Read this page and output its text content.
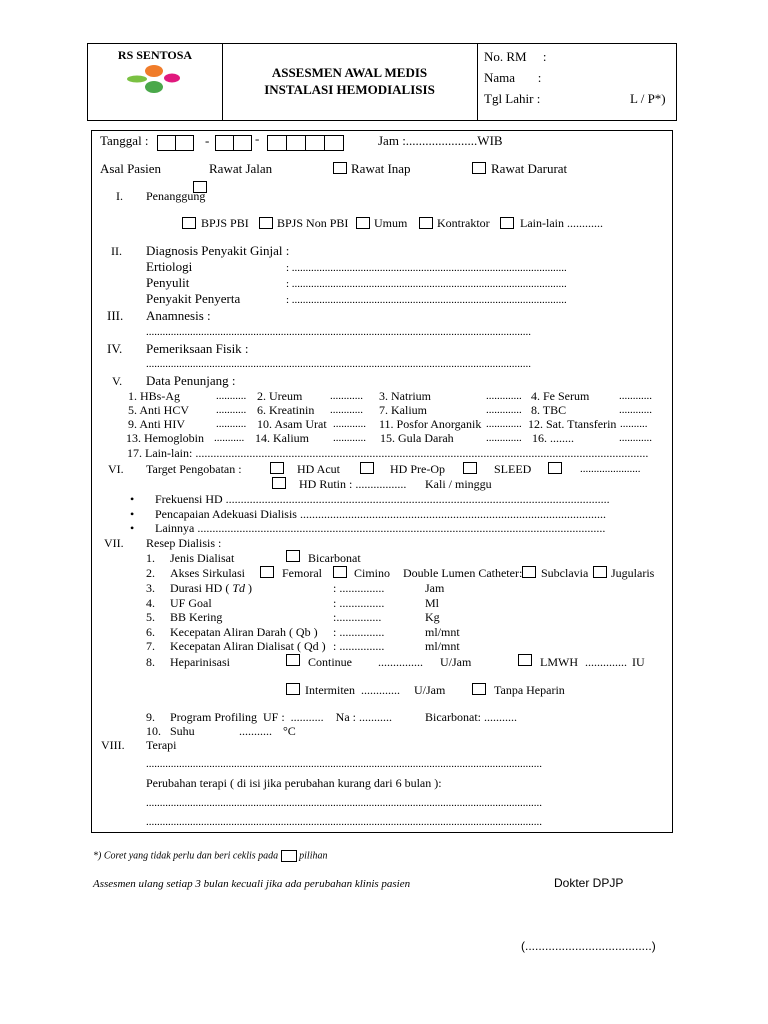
RS SENTOSA
ASSESMEN AWAL MEDIS
INSTALASI HEMODIALISIS
No. RM     :
Nama       :
Tgl Lahir :	L / P*)
Tanggal :	-	-	Jam :......................WIB
Asal Pasien	Rawat Jalan	Rawat Inap	Rawat Darurat
I. Penanggung
BPJS PBI BPJS Non PBI Umum Kontraktor	Lain-lain ............
II. Diagnosis Penyakit Ginjal :
Ertiologi	: ....................................................................................................
Penyulit	: ....................................................................................................
Penyakit Penyerta	: ....................................................................................................
III. Anamnesis :
............................................................................................................................................
IV. Pemeriksaan Fisik :
............................................................................................................................................
V. Data Penunjang :
1. HBs-Ag	........... 2. Ureum	............ 3. Natrium	............. 4. Fe Serum	............
5. Anti HCV ........... 6. Kreatinin ............ 7. Kalium	............. 8. TBC	............
9. Anti HIV	........... 10. Asam Urat ............ 11. Posfor Anorganik ............. 12. Sat. Ttansferin ..........
13. Hemoglobin ........... 14. Kalium ............ 15. Gula Darah	............. 16. ........	............
17. Lain-lain: .......................................................................................................................................................
VI. Target Pengobatan :	HD Acut	HD Pre-Op	SLEED	......................
HD Rutin : ................. Kali / minggu
• Frekuensi HD ................................................................................................................................
• Pencapaian Adekuasi Dialisis ......................................................................................................
• Lainnya ........................................................................................................................................
VII. Resep Dialisis :
1. Jenis Dialisat	Bicarbonat
2. Akses Sirkulasi	Femoral	Cimino Double Lumen Catheter: Subclavia Jugularis
3. Durasi HD ( Td )	: ...............	Jam
4. UF Goal	: ...............	Ml
5. BB Kering	:...............	Kg
6. Kecepatan Aliran Darah ( Qb ) : ...............	ml/mnt
7. Kecepatan Aliran Dialisat ( Qd ) : ...............	ml/mnt
8. Heparinisasi	Continue ............... U/Jam	LMWH .............. IU
Intermiten ............. U/Jam	Tanpa Heparin
9. Program Profiling  UF :  ...........    Na : ...........	Bicarbonat: ...........
10. Suhu	........... °C
VIII. Terapi
................................................................................................................................................
Perubahan terapi ( di isi jika perubahan kurang dari 6 bulan ):
................................................................................................................................................
................................................................................................................................................
*) Coret yang tidak perlu dan beri ceklis pada pilihan
Assesmen ulang setiap 3 bulan kecuali jika ada perubahan klinis pasien	Dokter DPJP
(......................................)
